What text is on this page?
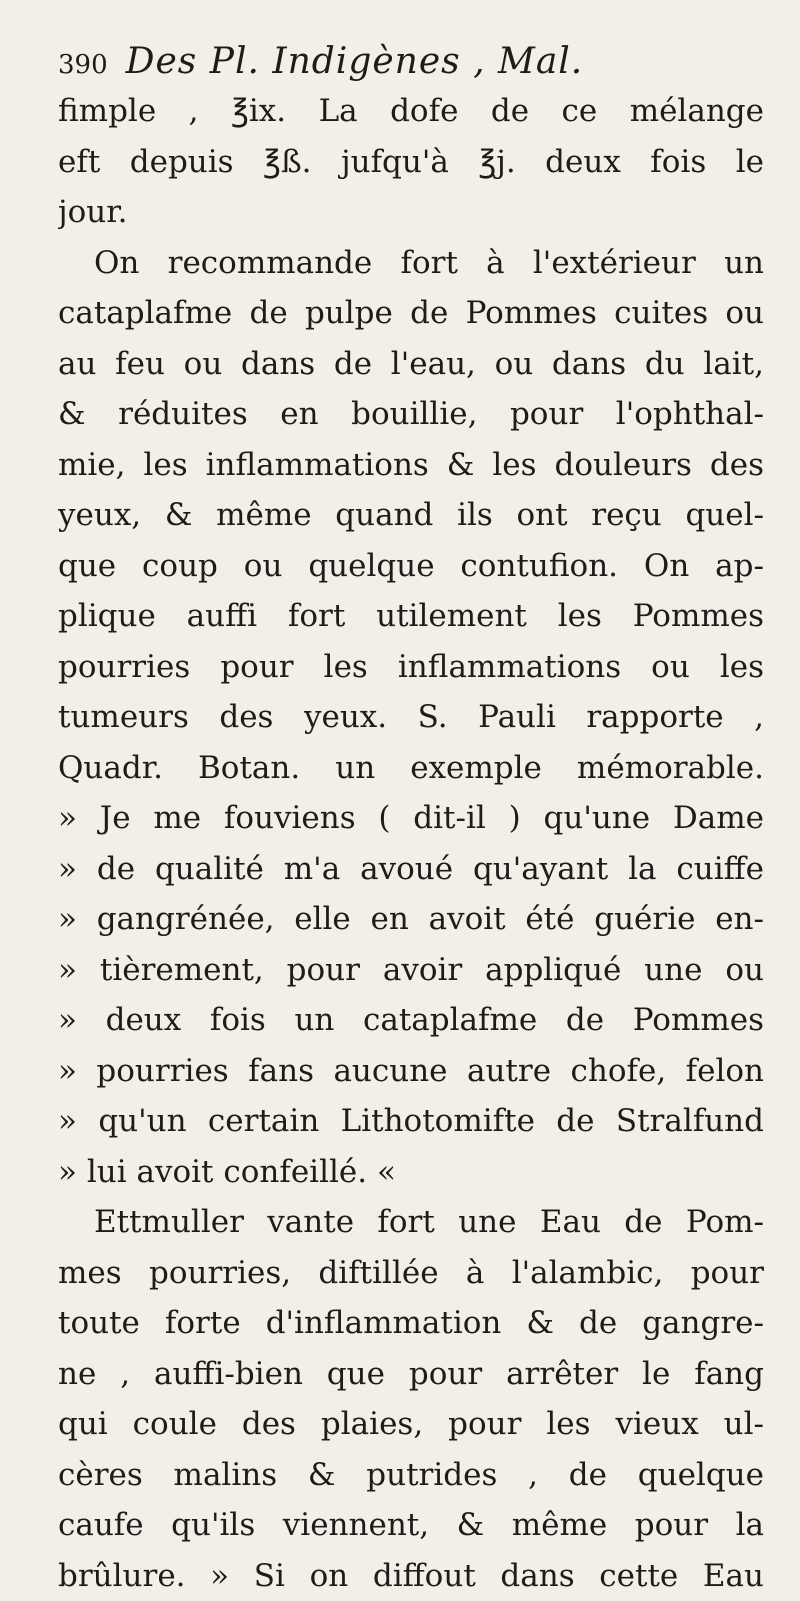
390 Des Pl. Indigènes , Mal.
fimple , ℥ix. La dofe de ce mélange
eft depuis ℥ß. jufqu'à ℥j. deux fois le
jour.
On recommande fort à l'extérieur un
cataplafme de pulpe de Pommes cuites ou
au feu ou dans de l'eau, ou dans du lait,
& réduites en bouillie, pour l'ophthal-
mie, les inflammations & les douleurs des
yeux, & même quand ils ont reçu quel-
que coup ou quelque contufion. On ap-
plique auffi fort utilement les Pommes
pourries pour les inflammations ou les
tumeurs des yeux. S. Pauli rapporte ,
Quadr. Botan. un exemple mémorable.
» Je me fouviens ( dit-il ) qu'une Dame
» de qualité m'a avoué qu'ayant la cuiffe
» gangrénée, elle en avoit été guérie en-
» tièrement, pour avoir appliqué une ou
» deux fois un cataplafme de Pommes
» pourries fans aucune autre chofe, felon
» qu'un certain Lithotomifte de Stralfund
» lui avoit confeillé. «
Ettmuller vante fort une Eau de Pom-
mes pourries, diftillée à l'alambic, pour
toute forte d'inflammation & de gangre-
ne , auffi-bien que pour arrêter le fang
qui coule des plaies, pour les vieux ul-
cères malins & putrides , de quelque
caufe qu'ils viennent, & même pour la
brûlure. » Si on diffout dans cette Eau
